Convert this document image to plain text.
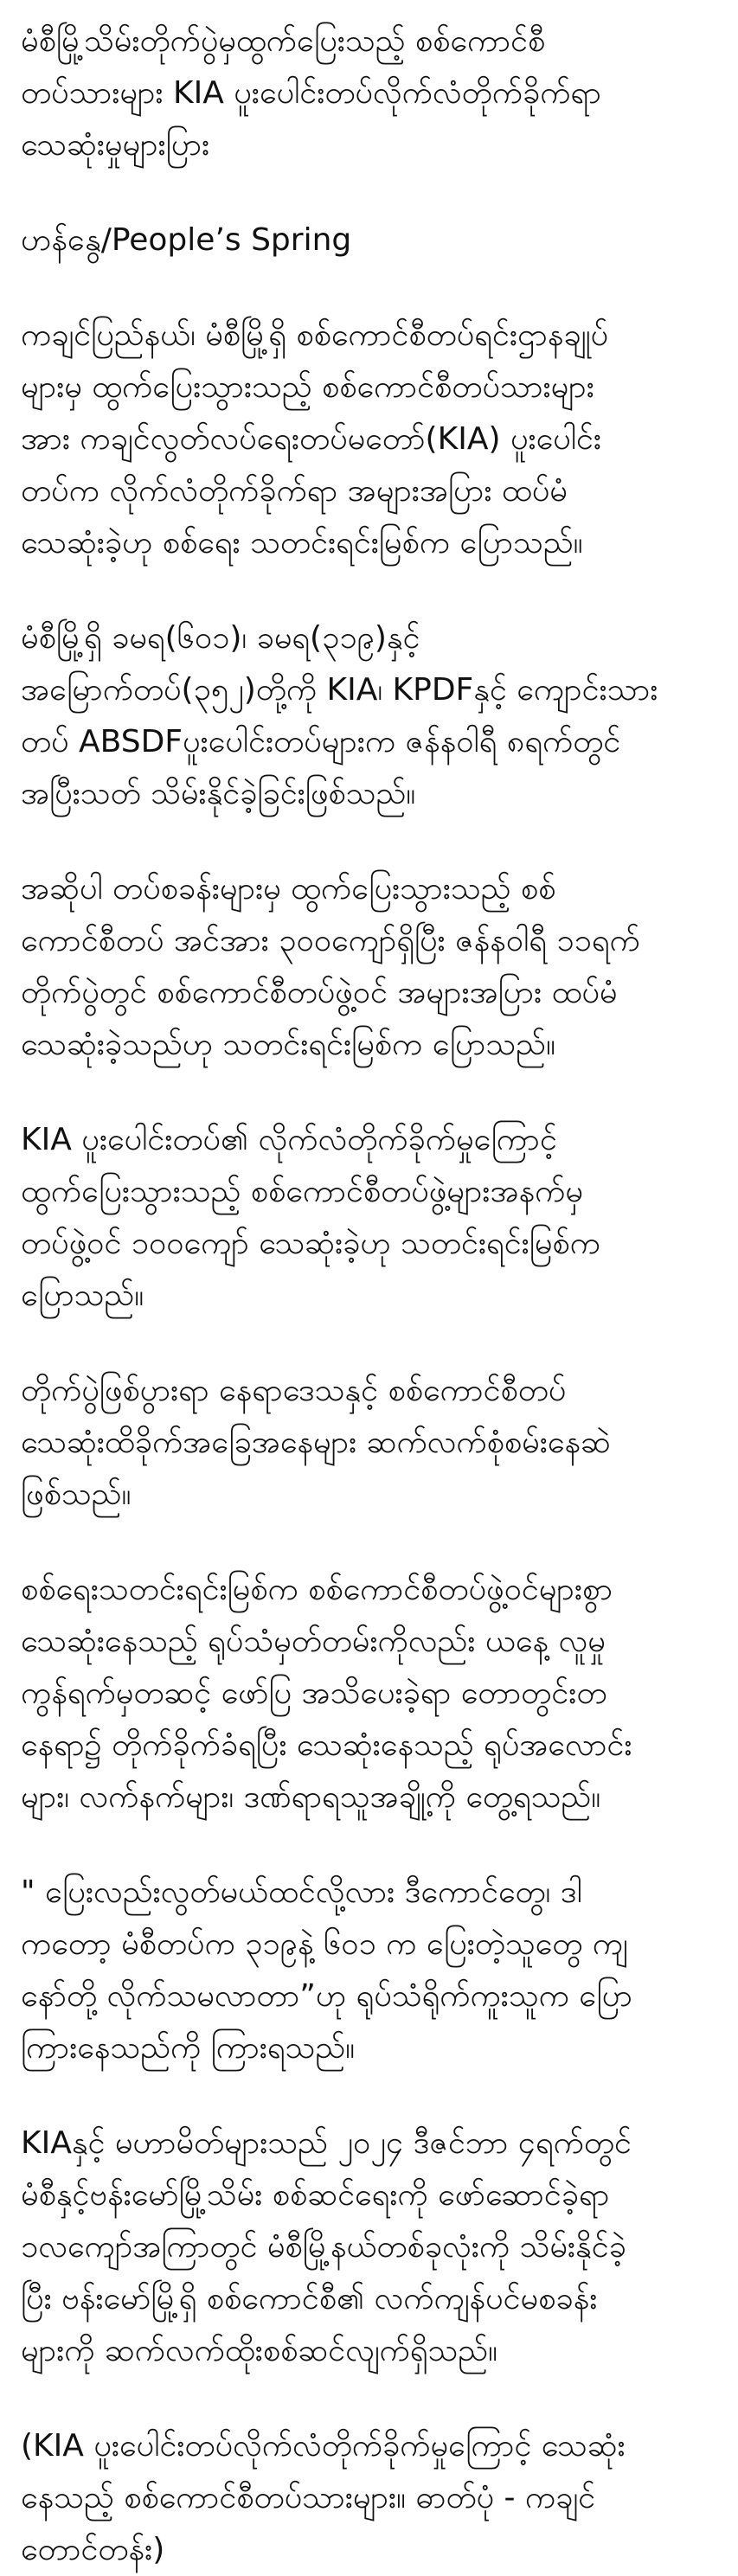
မံစီမြို့သိမ်းတိုက်ပွဲမှထွက်ပြေးသည့် စစ်ကောင်စီ
တပ်သားများ KIA ပူးပေါင်းတပ်လိုက်လံတိုက်ခိုက်ရာ
သေဆုံးမှုများပြား

ဟန်နွေ/People’s Spring

ကချင်ပြည်နယ်၊ မံစီမြို့ရှိ စစ်ကောင်စီတပ်ရင်းဌာနချုပ်
များမှ ထွက်ပြေးသွားသည့် စစ်ကောင်စီတပ်သားများ
အား ကချင်လွတ်လပ်ရေးတပ်မတော်(KIA) ပူးပေါင်း
တပ်က လိုက်လံတိုက်ခိုက်ရာ အများအပြား ထပ်မံ
သေဆုံးခဲ့ဟု စစ်ရေး သတင်းရင်းမြစ်က ပြောသည်။

မံစီမြို့ရှိ ခမရ(၆၀၁)၊ ခမရ(၃၁၉)နှင့်
အမြောက်တပ်(၃၅၂)တို့ကို KIA၊ KPDFနှင့် ကျောင်းသား
တပ် ABSDFပူးပေါင်းတပ်များက ဇန်နဝါရီ ၈ရက်တွင်
အပြီးသတ် သိမ်းနိုင်ခဲ့ခြင်းဖြစ်သည်။

အဆိုပါ တပ်စခန်းများမှ ထွက်ပြေးသွားသည့် စစ်
ကောင်စီတပ် အင်အား ၃၀၀ကျော်ရှိပြီး ဇန်နဝါရီ ၁၁ရက်
တိုက်ပွဲတွင် စစ်ကောင်စီတပ်ဖွဲ့ဝင် အများအပြား ထပ်မံ
သေဆုံးခဲ့သည်ဟု သတင်းရင်းမြစ်က ပြောသည်။

KIA ပူးပေါင်းတပ်၏ လိုက်လံတိုက်ခိုက်မှုကြောင့်
ထွက်ပြေးသွားသည့် စစ်ကောင်စီတပ်ဖွဲ့များအနက်မှ
တပ်ဖွဲ့ဝင် ၁၀၀ကျော် သေဆုံးခဲ့ဟု သတင်းရင်းမြစ်က
ပြောသည်။

တိုက်ပွဲဖြစ်ပွားရာ နေရာဒေသနှင့် စစ်ကောင်စီတပ်
သေဆုံးထိခိုက်အခြေအနေများ ဆက်လက်စုံစမ်းနေဆဲ
ဖြစ်သည်။

စစ်ရေးသတင်းရင်းမြစ်က စစ်ကောင်စီတပ်ဖွဲ့ဝင်များစွာ
သေဆုံးနေသည့် ရုပ်သံမှတ်တမ်းကိုလည်း ယနေ့ လူမှု
ကွန်ရက်မှတဆင့် ဖော်ပြ အသိပေးခဲ့ရာ တောတွင်းတ
နေရာ၌ တိုက်ခိုက်ခံရပြီး သေဆုံးနေသည့် ရုပ်အလောင်း
များ၊ လက်နက်များ၊ ဒဏ်ရာရသူအချို့ကို တွေ့ရသည်။

" ပြေးလည်းလွတ်မယ်ထင်လို့လား ဒီကောင်တွေ၊ ဒါ
ကတော့ မံစီတပ်က ၃၁၉နဲ့ ၆၀၁ က ပြေးတဲ့သူတွေ ကျ
နော်တို့ လိုက်သမလာတာ”ဟု ရုပ်သံရိုက်ကူးသူက ပြော
ကြားနေသည်ကို ကြားရသည်။

KIAနှင့် မဟာမိတ်များသည် ၂၀၂၄ ဒီဇင်ဘာ ၄ရက်တွင်
မံစီနှင့်ဗန်းမော်မြို့သိမ်း စစ်ဆင်ရေးကို ဖော်ဆောင်ခဲ့ရာ
၁လကျော်အကြာတွင် မံစီမြို့နယ်တစ်ခုလုံးကို သိမ်းနိုင်ခဲ့
ပြီး ဗန်းမော်မြို့ရှိ စစ်ကောင်စီ၏ လက်ကျန်ပင်မစခန်း
များကို ဆက်လက်ထိုးစစ်ဆင်လျက်ရှိသည်။

(KIA ပူးပေါင်းတပ်လိုက်လံတိုက်ခိုက်မှုကြောင့် သေဆုံး
နေသည့် စစ်ကောင်စီတပ်သားများ။ ဓာတ်ပုံ - ကချင်
တောင်တန်း)
